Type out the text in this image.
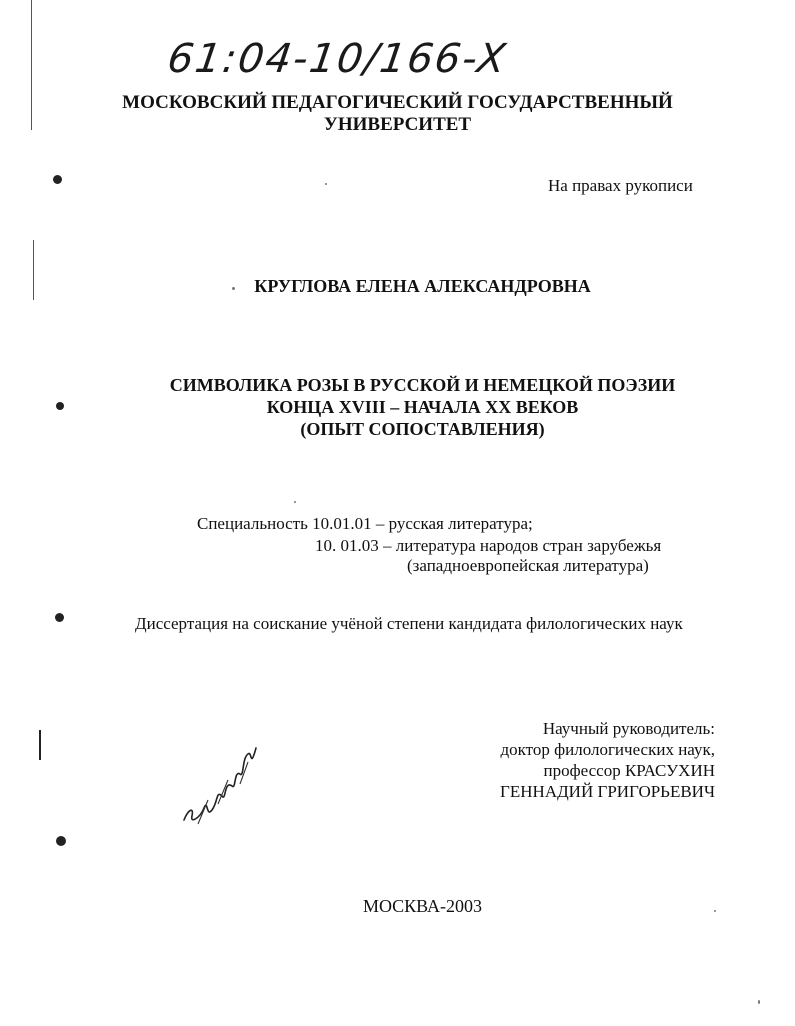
61:04-10/166-X
МОСКОВСКИЙ ПЕДАГОГИЧЕСКИЙ ГОСУДАРСТВЕННЫЙ
УНИВЕРСИТЕТ
На правах рукописи
КРУГЛОВА ЕЛЕНА АЛЕКСАНДРОВНА
СИМВОЛИКА РОЗЫ В РУССКОЙ И НЕМЕЦКОЙ ПОЭЗИИ
КОНЦА XVIII – НАЧАЛА XX ВЕКОВ
(ОПЫТ СОПОСТАВЛЕНИЯ)
Специальность 10.01.01 – русская литература;
10. 01.03 – литература народов стран зарубежья
(западноевропейская литература)
Диссертация на соискание учёной степени кандидата филологических наук
Научный руководитель:
доктор филологических наук,
профессор КРАСУХИН
ГЕННАДИЙ ГРИГОРЬЕВИЧ
МОСКВА-2003
